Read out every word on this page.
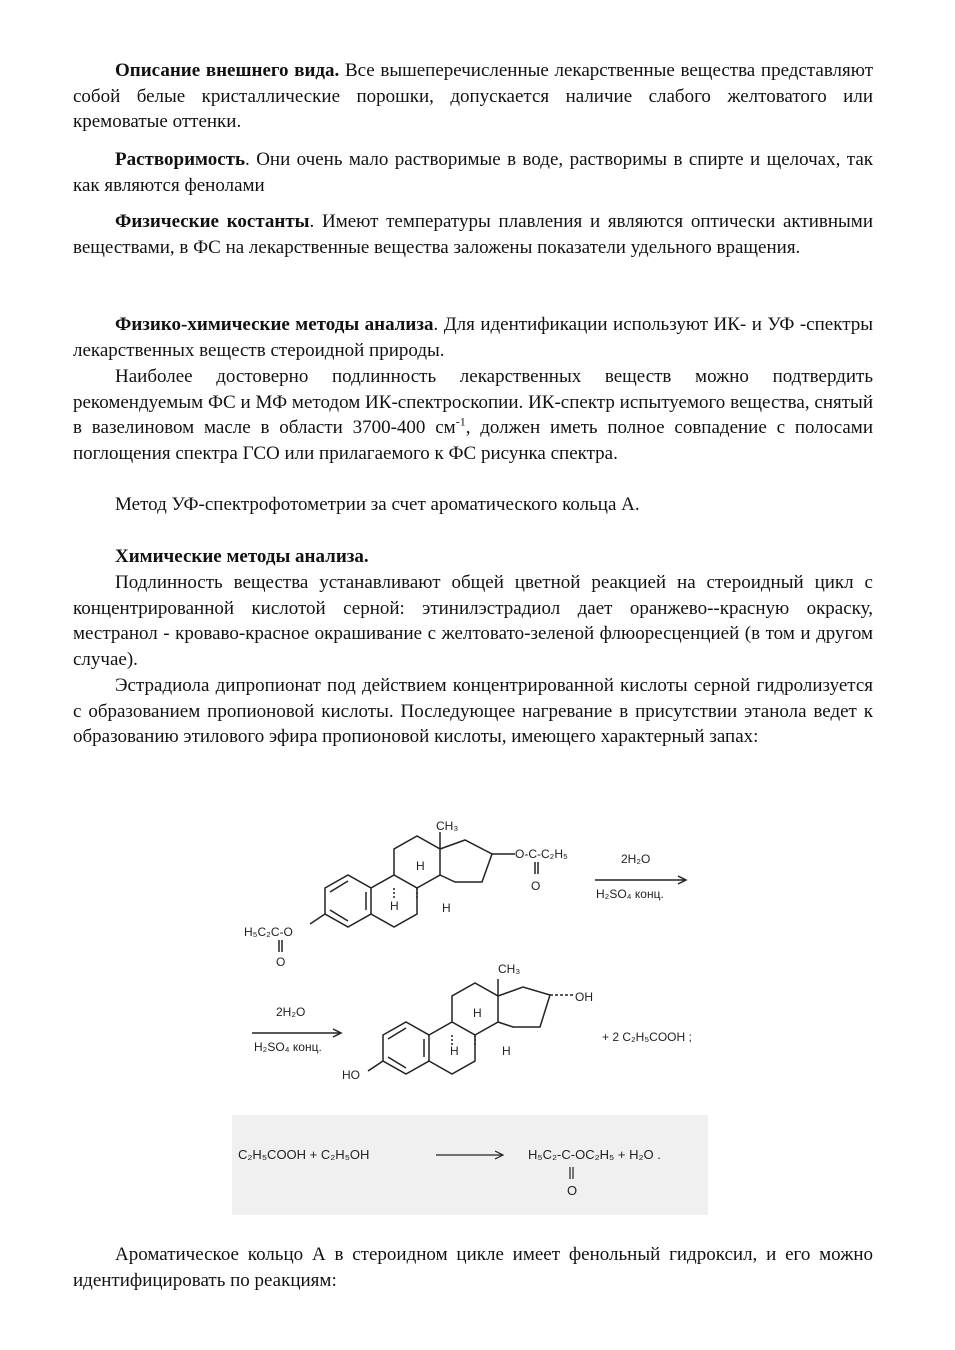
Описание внешнего вида. Все вышеперечисленные лекарственные вещества представляют собой белые кристаллические порошки, допускается наличие слабого желтоватого или кремоватые оттенки.

Растворимость. Они очень мало растворимые в воде, растворимы в спирте и щелочах, так как являются фенолами

Физические костанты. Имеют температуры плавления и являются оптически активными веществами, в ФС на лекарственные вещества заложены показатели удельного вращения.

Физико-химические методы анализа. Для идентификации используют ИК- и УФ -спектры лекарственных веществ стероидной природы.

Наиболее достоверно подлинность лекарственных веществ можно подтвердить рекомендуемым ФС и МФ методом ИК-спектроскопии. ИК-спектр испытуемого вещества, снятый в вазелиновом масле в области 3700-400 $см^{-1}$, должен иметь полное совпадение с полосами поглощения спектра ГСО или прилагаемого к ФС рисунка спектра.

Метод УФ-спектрофотометрии за счет ароматического кольца А.

Химические методы анализа.

Подлинность вещества устанавливают общей цветной реакцией на стероидный цикл с концентрированной кислотой серной: этинилэстрадиол дает оранжево--красную окраску, местранол - кроваво-красное окрашивание с желтовато-зеленой флюоресценцией (в том и другом случае).

Эстрадиола дипропионат под действием концентрированной кислоты серной гидролизуется с образованием пропионовой кислоты. Последующее нагревание в присутствии этанола ведет к образованию этилового эфира пропионовой кислоты, имеющего характерный запах:

CH₃
O-C-C₂H₅
O
H₅C₂C-O
O
H
H	H
2H₂O
H₂SO₄ конц.
2H₂O
H₂SO₄ конц.
CH₃
OH
HO
H
H	H
+ 2 C₂H₅COOH ;
C₂H₅COOH + C₂H₅OH	H₅C₂-C-OC₂H₅ + H₂O .
O

Ароматическое кольцо А в стероидном цикле имеет фенольный гидроксил, и его можно идентифицировать по реакциям:
